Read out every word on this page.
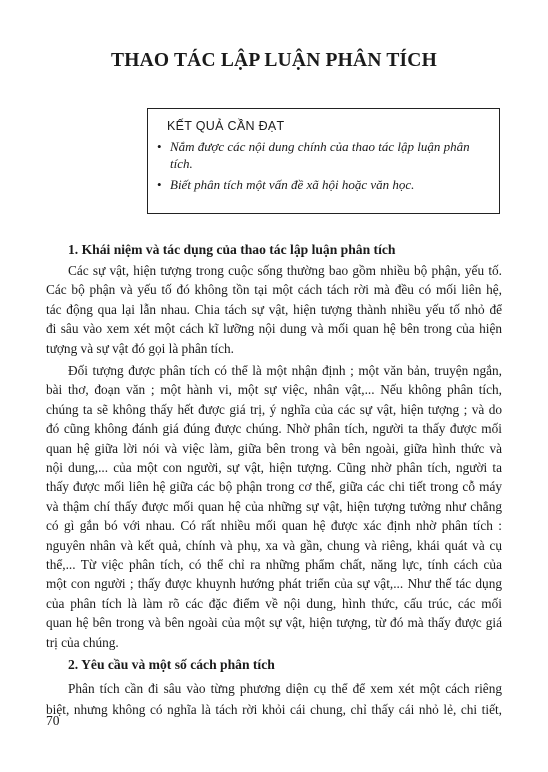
THAO TÁC LẬP LUẬN PHÂN TÍCH
KẾT QUẢ CẦN ĐẠT
• Nắm được các nội dung chính của thao tác lập luận phân tích.
• Biết phân tích một vấn đề xã hội hoặc văn học.
1. Khái niệm và tác dụng của thao tác lập luận phân tích
Các sự vật, hiện tượng trong cuộc sống thường bao gồm nhiều bộ phận, yếu tố.
Các bộ phận và yếu tố đó không tồn tại một cách tách rời mà đều có mối liên hệ,
tác động qua lại lẫn nhau. Chia tách sự vật, hiện tượng thành nhiều yếu tố nhỏ để
đi sâu vào xem xét một cách kĩ lưỡng nội dung và mối quan hệ bên trong của hiện
tượng và sự vật đó gọi là phân tích.
Đối tượng được phân tích có thể là một nhận định ; một văn bản, truyện ngắn,
bài thơ, đoạn văn ; một hành vi, một sự việc, nhân vật,... Nếu không phân tích,
chúng ta sẽ không thấy hết được giá trị, ý nghĩa của các sự vật, hiện tượng ; và do
đó cũng không đánh giá đúng được chúng. Nhờ phân tích, người ta thấy được mối
quan hệ giữa lời nói và việc làm, giữa bên trong và bên ngoài, giữa hình thức và
nội dung,... của một con người, sự vật, hiện tượng. Cũng nhờ phân tích, người ta
thấy được mối liên hệ giữa các bộ phận trong cơ thể, giữa các chi tiết trong cỗ máy
và thậm chí thấy được mối quan hệ của những sự vật, hiện tượng tưởng như chẳng
có gì gắn bó với nhau. Có rất nhiều mối quan hệ được xác định nhờ phân tích :
nguyên nhân và kết quả, chính và phụ, xa và gần, chung và riêng, khái quát và cụ
thể,... Từ việc phân tích, có thể chỉ ra những phẩm chất, năng lực, tính cách của
một con người ; thấy được khuynh hướng phát triển của sự vật,... Như thế tác dụng
của phân tích là làm rõ các đặc điểm về nội dung, hình thức, cấu trúc, các mối
quan hệ bên trong và bên ngoài của một sự vật, hiện tượng, từ đó mà thấy được giá
trị của chúng.
70
2. Yêu cầu và một số cách phân tích
Phân tích cần đi sâu vào từng phương diện cụ thể để xem xét một cách riêng
biệt, nhưng không có nghĩa là tách rời khỏi cái chung, chỉ thấy cái nhỏ lẻ, chi tiết,
